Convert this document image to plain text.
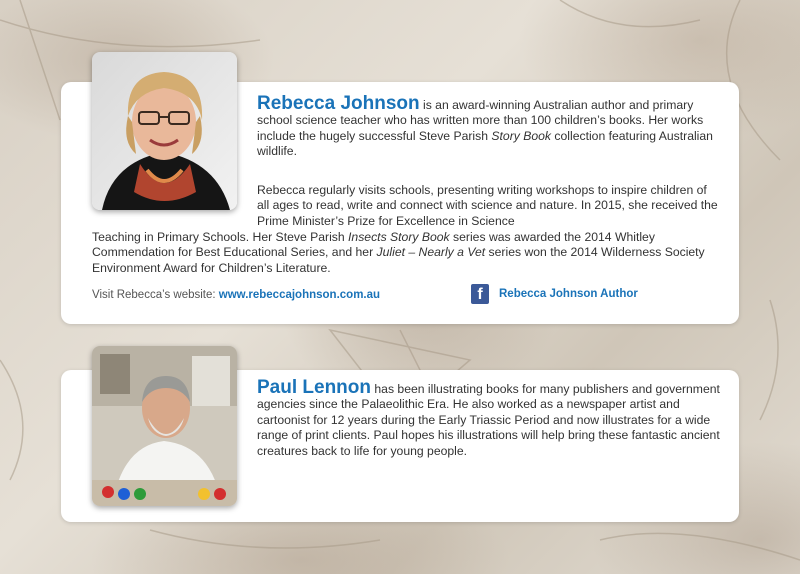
Rebecca Johnson is an award-winning Australian author and primary school science teacher who has written more than 100 children’s books. Her works include the hugely successful Steve Parish Story Book collection featuring Australian wildlife.
Rebecca regularly visits schools, presenting writing workshops to inspire children of all ages to read, write and connect with science and nature. In 2015, she received the Prime Minister’s Prize for Excellence in Science
Teaching in Primary Schools. Her Steve Parish Insects Story Book series was awarded the 2014 Whitley Commendation for Best Educational Series, and her Juliet – Nearly a Vet series won the 2014 Wilderness Society Environment Award for Children’s Literature.
Visit Rebecca’s website: www.rebeccajohnson.com.au	f	Rebecca Johnson Author
Paul Lennon has been illustrating books for many publishers and government agencies since the Palaeolithic Era. He also worked as a newspaper artist and cartoonist for 12 years during the Early Triassic Period and now illustrates for a wide range of print clients. Paul hopes his illustrations will help bring these fantastic ancient creatures back to life for young people.
